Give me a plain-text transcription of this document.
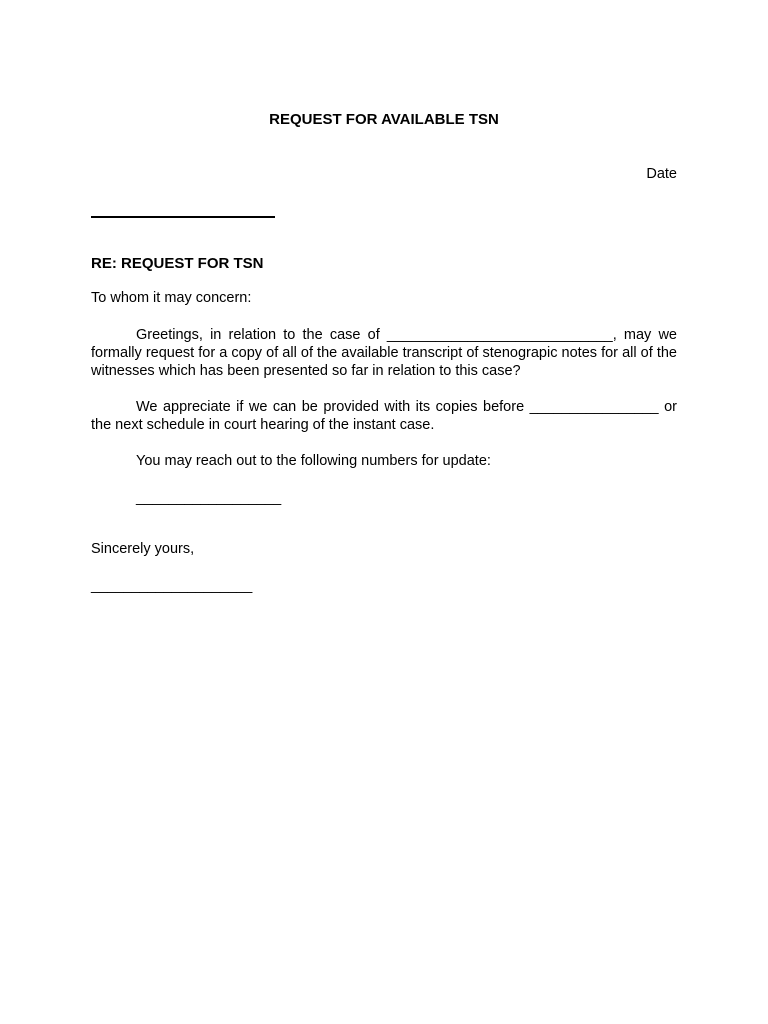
REQUEST FOR AVAILABLE TSN
Date
RE: REQUEST FOR TSN
To whom it may concern:
Greetings, in relation to the case of ____________________________, may we formally request for a copy of all of the available transcript of stenograpic notes for all of the witnesses which has been presented so far in relation to this case?
We appreciate if we can be provided with its copies before ________________ or the next schedule in court hearing of the instant case.
You may reach out to the following numbers for update:
__________________
Sincerely yours,
____________________
